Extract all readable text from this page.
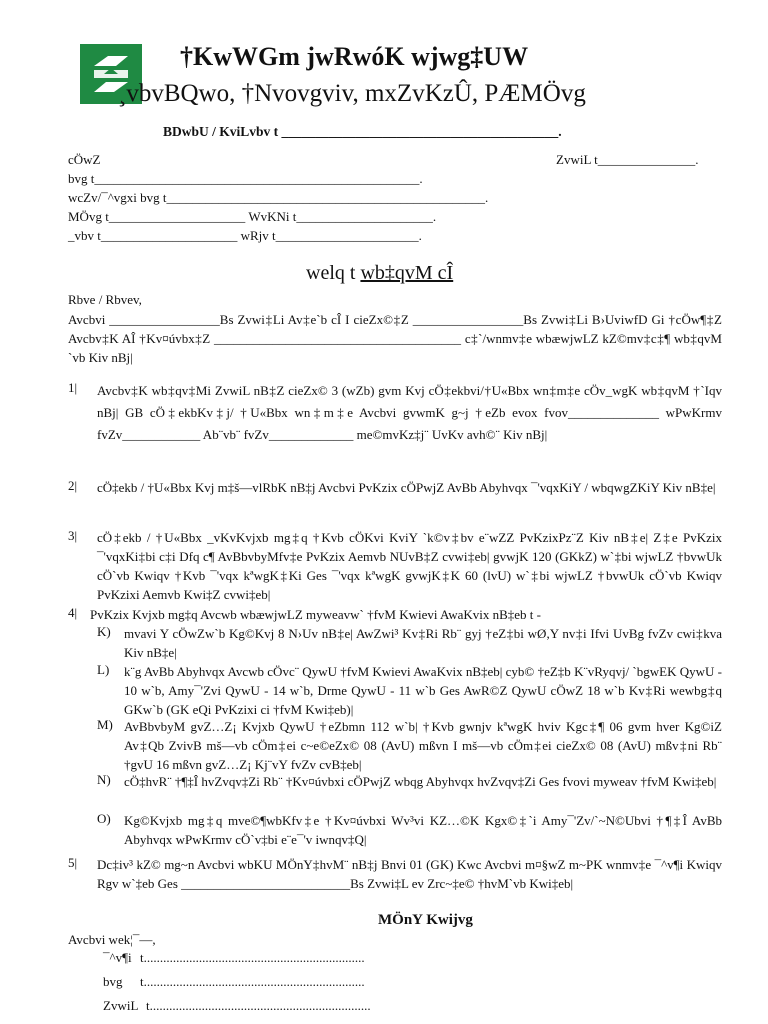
†KwWGm jwRwóK wjwg‡UW
¸vbvBQwo, †Nvovgviv, mxZvKzÛ, PÆMÖvg
BDwbU / KviLvbv t _________________________________________.
cÖwZ	ZvwiL t_______________.
bvg t__________________________________________________.
wcZv/¯^vgxi bvg t_________________________________________________.
MÖvg t_____________________ WvKNi t_____________________.
_vbv t_____________________ wRjv t______________________.
welq t wb‡qvM cÎ
Rbve / Rbvev,
Avcbvi _________________Bs Zvwi‡Li Av‡e`b cÎ I cieZx©‡Z _________________Bs Zvwi‡Li B›UviwfD Gi †cÖw¶‡Z Avcbv‡K AÎ †Kv¤úvbx‡Z ______________________________________ c‡`/wnmv‡e wbæwjwLZ kZ©mv‡c‡¶ wb‡qvM `vb Kiv nBj|
1| Avcbv‡K wb‡qv‡Mi ZvwiL nB‡Z cieZx© 3 (wZb) gvm Kvj cÖ‡ekbvi/†U«Bbx wn‡m‡e cÖv_wgK wb‡qvM †`Iqv nBj| GB cÖ‡ekbKv‡j/ †U«Bbx wn‡m‡e Avcbvi gvwmK g~j †eZb evox fvov______________ wPwKrmv fvZv____________ Ab¨vb¨ fvZv_____________ me©mvKz‡j¨ UvKv avh©¨ Kiv nBj|
2| cÖ‡ekb / †U«Bbx Kvj m‡š—vlRbK nB‡j Avcbvi PvKzix cÖPwjZ AvBb Abyhvqx ¯'vqxKiY / wbqwgZKiY Kiv nB‡e|
3| cÖ‡ekb / †U«Bbx _vKvKvjxb mg‡q †Kvb cÖKvi KviY `k©v‡bv e¨wZZ PvKzixPz¨Z Kiv nB‡e| Z‡e PvKzix ¯'vqxKi‡bi c‡i Dfq c¶ AvBbvbyMfv‡e PvKzix Aemvb NUvB‡Z cvwi‡eb| gvwjK 120 (GKkZ) w`‡bi wjwLZ †bvwUk cÖ`vb Kwiqv †Kvb ¯'vqx kªwgK‡Ki Ges ¯'vqx kªwgK gvwjK‡K 60 (lvU) w`‡bi wjwLZ †bvwUk cÖ`vb Kwiqv PvKzixi Aemvb Kwi‡Z cvwi‡eb|
4| PvKzix Kvjxb mg‡q Avcwb wbæwjwLZ myweavw` †fvM Kwievi AwaKvix nB‡eb t -
K) mvavi Y cÖwZw`b Kg©Kvj 8 N›Uv nB‡e| AwZwi³ Kv‡Ri Rb¨ gyj †eZ‡bi wØ,Y nv‡i Ifvi UvBg fvZv cwi‡kva Kiv nB‡e|
L) k¨g AvBb Abyhvqx Avcwb cÖvc¨ QywU †fvM Kwievi AwaKvix nB‡eb| cyb© †eZ‡b K¨vRyqvj/ `bgwEK QywU - 10 w`b, Amy¯'Zvi QywU - 14 w`b, Drme QywU - 11 w`b Ges AwR©Z QywU cÖwZ 18 w`b Kv‡Ri wewbg‡q GKw`b (GK eQi PvKzixi ci †fvM Kwi‡eb)|
M) AvBbvbyM gvZ…Z¡ Kvjxb QywU †eZbmn 112 w`b| †Kvb gwnjv kªwgK hviv Kgc‡¶ 06 gvm hver Kg©iZ Av‡Qb ZvivB mš—vb cÖm‡ei c~e©eZx© 08 (AvU) mßvn I mš—vb cÖm‡ei cieZx© 08 (AvU) mßv‡ni Rb¨ †gvU 16 mßvn gvZ…Z¡ Kj¨vY fvZv cvB‡eb|
N) cÖ‡hvR¨ †¶‡Î hvZvqv‡Zi Rb¨ †Kv¤úvbxi cÖPwjZ wbqg Abyhvqx hvZvqv‡Zi Ges fvovi myweav †fvM Kwi‡eb|
O) Kg©Kvjxb mg‡q mve©¶wbKfv‡e †Kv¤úvbxi Wv³vi KZ…©K Kgx©‡`i Amy¯'Zv/`~N©Ubvi †¶‡Î AvBb Abyhvqx wPwKrmv cÖ`v‡bi e¨e¯'v iwnqv‡Q|
5| Dc‡iv³ kZ© mg~n Avcbvi wbKU MÖnY‡hvM¨ nB‡j Bnvi 01 (GK) Kwc Avcbvi m¤§wZ m~PK wnmv‡e ¯^v¶i Kwiqv Rgv w`‡eb Ges __________________________Bs Zvwi‡L ev Zrc~‡e© †hvM`vb Kwi‡eb|
MÖnY Kwijvg
Avcbvi wek¦¯—,
¯^v¶i t....................................................................
bvg t....................................................................
ZvwiL t....................................................................
